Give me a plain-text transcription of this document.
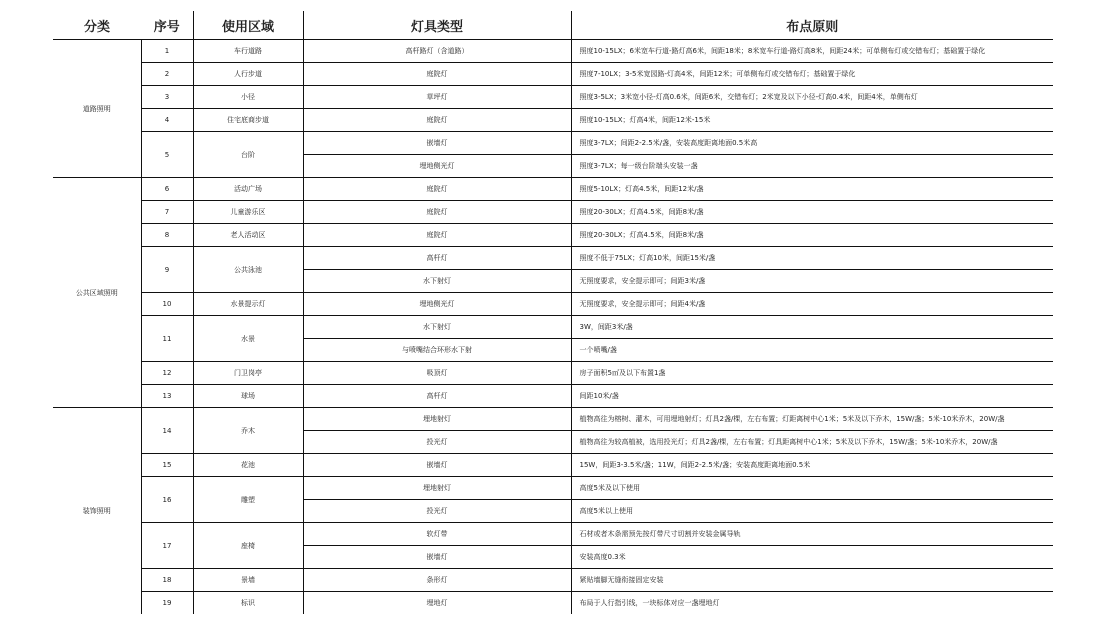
分类	序号	使用区域	灯具类型	布点原则
道路照明	1	车行道路	高杆路灯（含道路）	照度10-15LX；6米宽车行道-路灯高6米，间距18米；8米宽车行道-路灯高8米，间距24米；可单侧布灯或交错布灯；基础置于绿化
	2	人行步道	庭院灯	照度7-10LX；3-5米宽园路-灯高4米，间距12米；可单侧布灯或交错布灯；基础置于绿化
	3	小径	草坪灯	照度3-5LX；3米宽小径-灯高0.6米，间距6米，交错布灯；2米宽及以下小径-灯高0.4米，间距4米，单侧布灯
	4	住宅底商步道	庭院灯	照度10-15LX；灯高4米，间距12米-15米
	5	台阶	嵌墙灯	照度3-7LX；间距2-2.5米/盏，安装高度距离地面0.5米高
			埋地侧光灯	照度3-7LX；每一级台阶端头安装一盏
公共区域照明	6	活动广场	庭院灯	照度5-10LX；灯高4.5米，间距12米/盏
	7	儿童游乐区	庭院灯	照度20-30LX；灯高4.5米，间距8米/盏
	8	老人活动区	庭院灯	照度20-30LX；灯高4.5米，间距8米/盏
	9	公共泳池	高杆灯	照度不低于75LX；灯高10米，间距15米/盏
			水下射灯	无照度要求，安全提示即可；间距3米/盏
	10	水景提示灯	埋地侧光灯	无照度要求，安全提示即可；间距4米/盏
	11	水景	水下射灯	3W，间距3米/盏
			与喷嘴结合环形水下射	一个喷嘴/盏
	12	门卫岗亭	吸顶灯	房子面积5㎡及以下布置1盏
	13	球场	高杆灯	间距10米/盏
装饰照明	14	乔木	埋地射灯	植物高往为榕树、灌木，可用埋地射灯；灯具2盏/棵，左右布置；灯距离树中心1米；5米及以下乔木，15W/盏；5米-10米乔木，20W/盏
			投光灯	植物高往为较高植被，选用投光灯；灯具2盏/棵，左右布置；灯具距离树中心1米；5米及以下乔木，15W/盏；5米-10米乔木，20W/盏
	15	花池	嵌墙灯	15W，间距3-3.5米/盏；11W，间距2-2.5米/盏；安装高度距离地面0.5米
	16	雕塑	埋地射灯	高度5米及以下使用
			投光灯	高度5米以上使用
	17	座椅	软灯带	石材或者木条需预先按灯带尺寸切割并安装金属导轨
			嵌墙灯	安装高度0.3米
	18	景墙	条形灯	紧贴墙脚无缝衔接固定安装
	19	标识	埋地灯	布局于人行指引线，一块标体对应一盏埋地灯
